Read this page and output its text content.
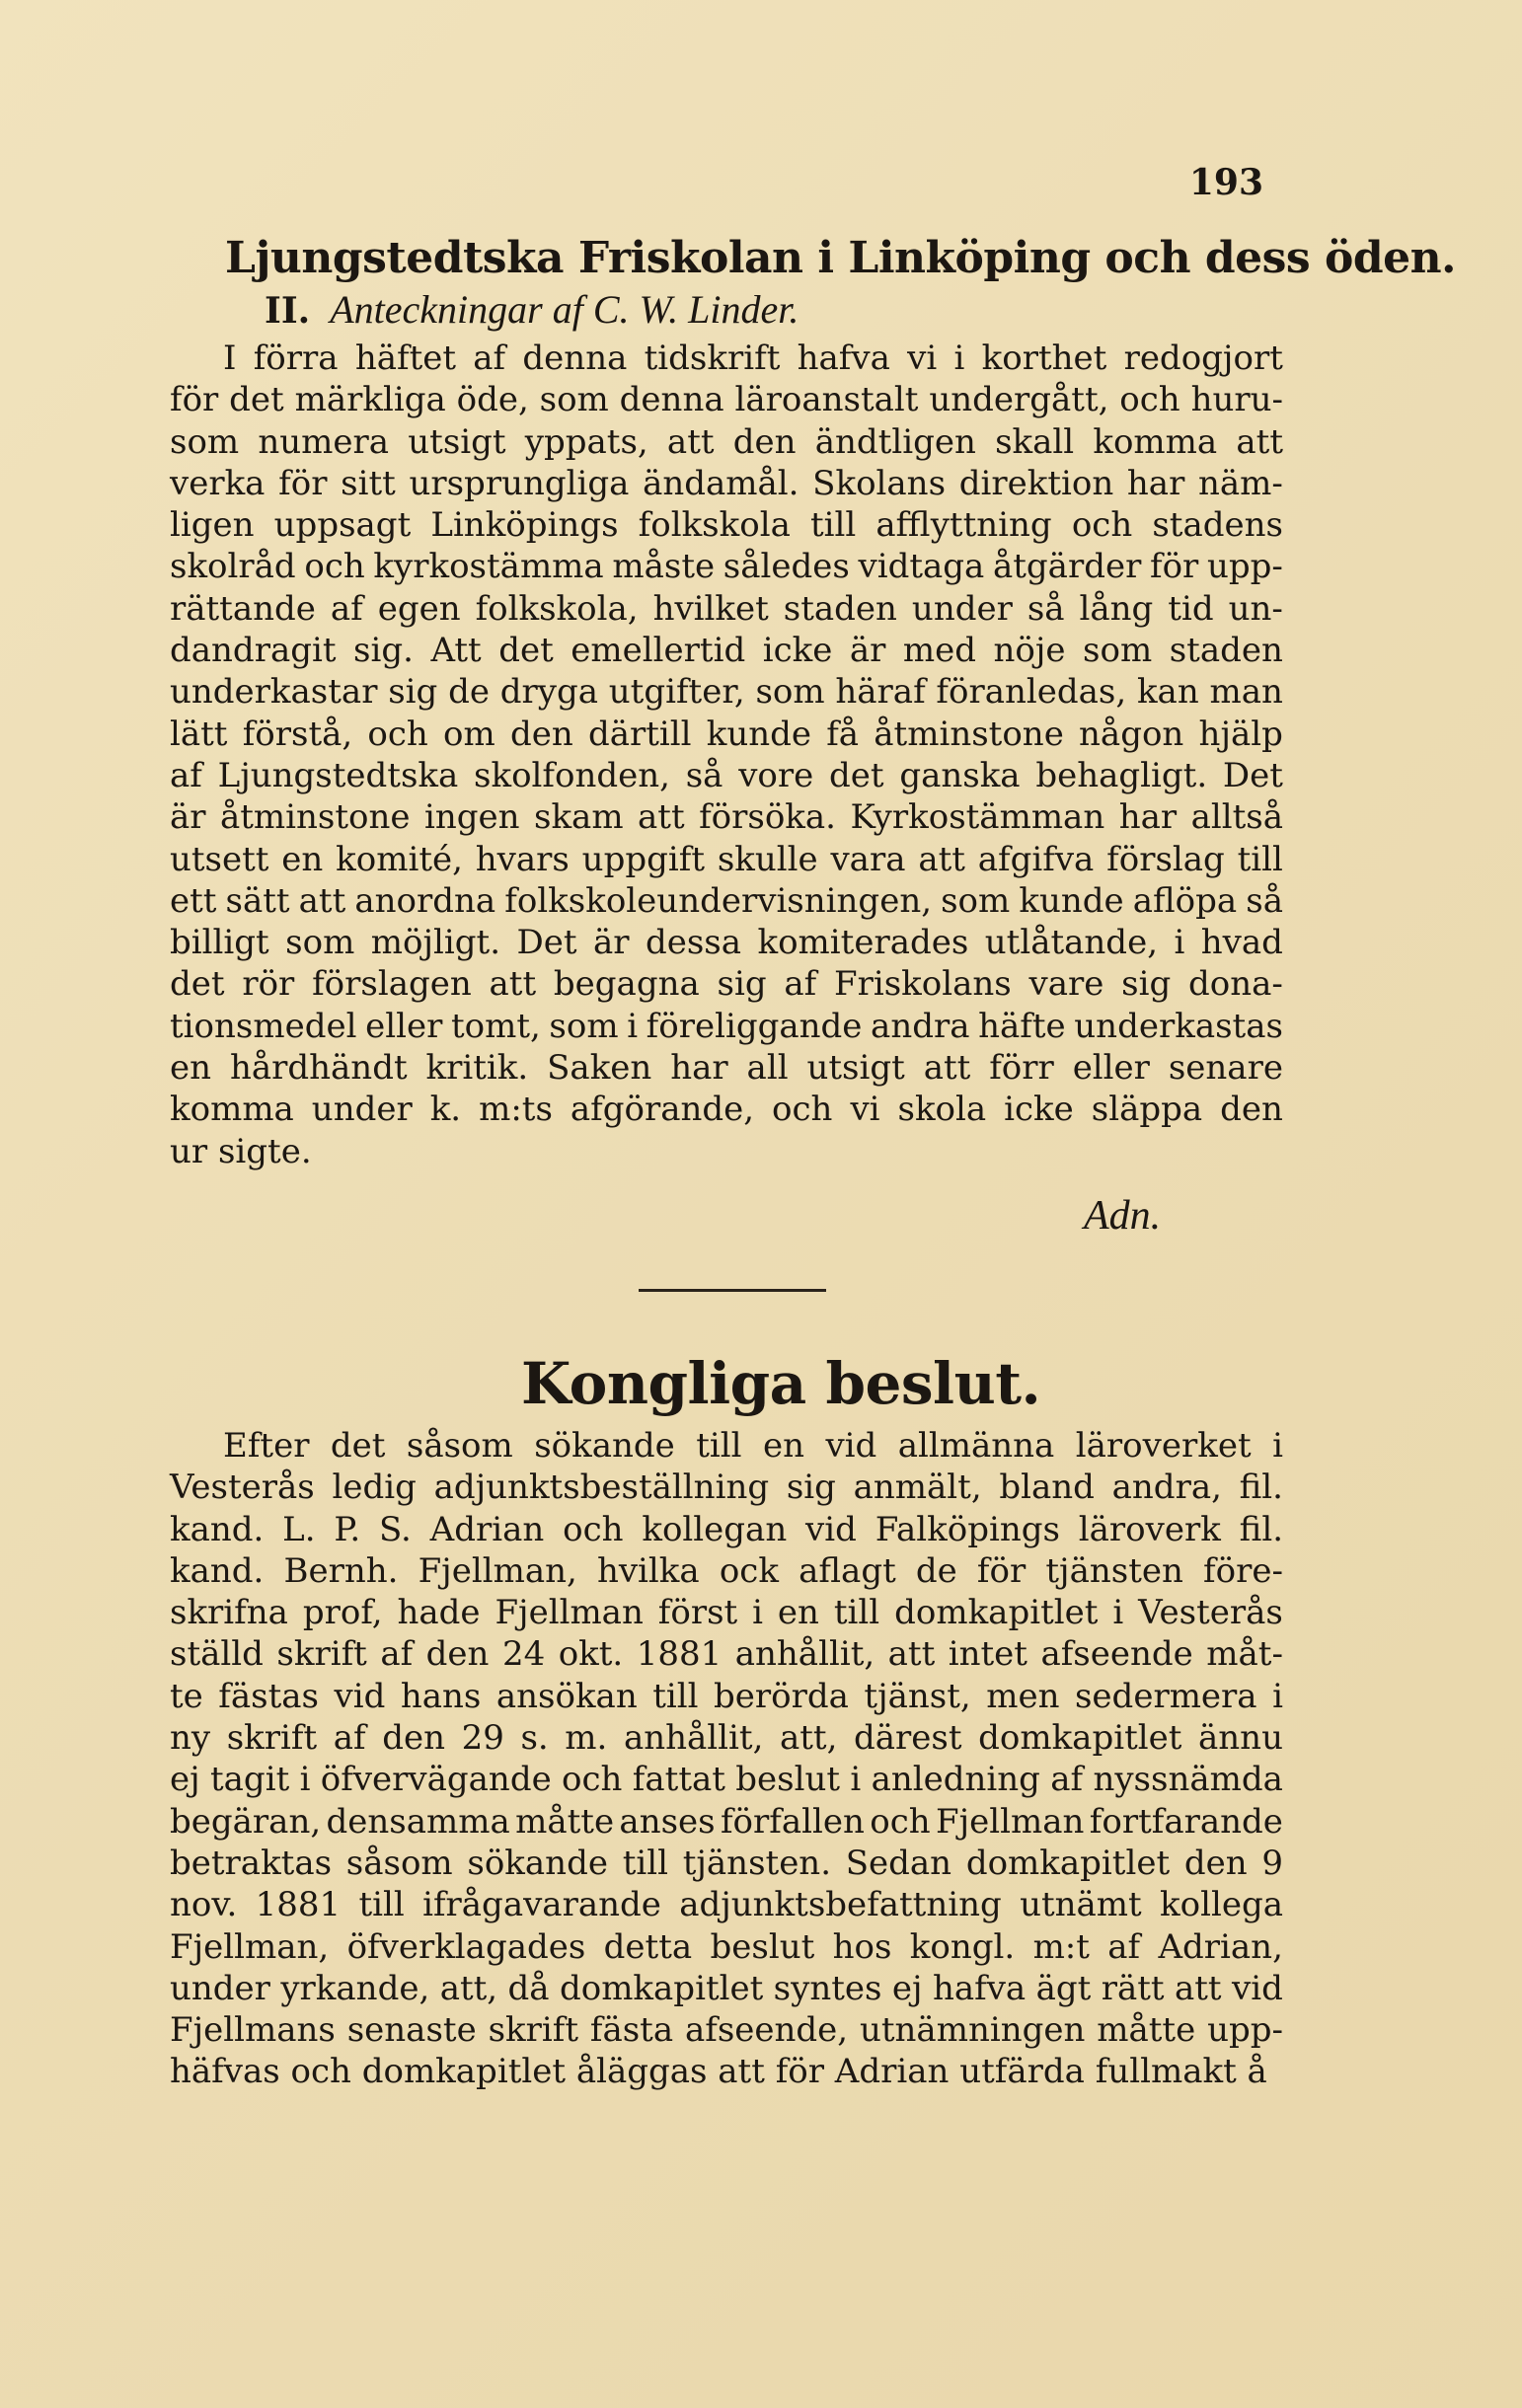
193
Ljungstedtska Friskolan i Linköping och dess öden.
II. Anteckningar af C. W. Linder.
I förra häftet af denna tidskrift hafva vi i korthet redogjort
för det märkliga öde, som denna läroanstalt undergått, och huru-
som numera utsigt yppats, att den ändtligen skall komma att
verka för sitt ursprungliga ändamål. Skolans direktion har näm-
ligen uppsagt Linköpings folkskola till afflyttning och stadens
skolråd och kyrkostämma måste således vidtaga åtgärder för upp-
rättande af egen folkskola, hvilket staden under så lång tid un-
dandragit sig. Att det emellertid icke är med nöje som staden
underkastar sig de dryga utgifter, som häraf föranledas, kan man
lätt förstå, och om den därtill kunde få åtminstone någon hjälp
af Ljungstedtska skolfonden, så vore det ganska behagligt. Det
är åtminstone ingen skam att försöka. Kyrkostämman har alltså
utsett en komité, hvars uppgift skulle vara att afgifva förslag till
ett sätt att anordna folkskoleundervisningen, som kunde aflöpa så
billigt som möjligt. Det är dessa komiterades utlåtande, i hvad
det rör förslagen att begagna sig af Friskolans vare sig dona-
tionsmedel eller tomt, som i föreliggande andra häfte underkastas
en hårdhändt kritik. Saken har all utsigt att förr eller senare
komma under k. m:ts afgörande, och vi skola icke släppa den
ur sigte.
Adn.
Kongliga beslut.
Efter det såsom sökande till en vid allmänna läroverket i
Vesterås ledig adjunktsbeställning sig anmält, bland andra, fil.
kand. L. P. S. Adrian och kollegan vid Falköpings läroverk fil.
kand. Bernh. Fjellman, hvilka ock aflagt de för tjänsten före-
skrifna prof, hade Fjellman först i en till domkapitlet i Vesterås
ställd skrift af den 24 okt. 1881 anhållit, att intet afseende måt-
te fästas vid hans ansökan till berörda tjänst, men sedermera i
ny skrift af den 29 s. m. anhållit, att, därest domkapitlet ännu
ej tagit i öfvervägande och fattat beslut i anledning af nyssnämda
begäran, densamma måtte anses förfallen och Fjellman fortfarande
betraktas såsom sökande till tjänsten. Sedan domkapitlet den 9
nov. 1881 till ifrågavarande adjunktsbefattning utnämt kollega
Fjellman, öfverklagades detta beslut hos kongl. m:t af Adrian,
under yrkande, att, då domkapitlet syntes ej hafva ägt rätt att vid
Fjellmans senaste skrift fästa afseende, utnämningen måtte upp-
häfvas och domkapitlet åläggas att för Adrian utfärda fullmakt å
